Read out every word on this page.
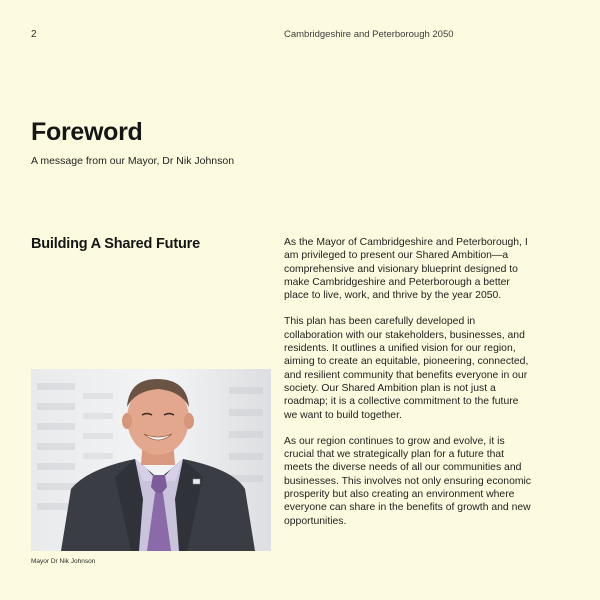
2	Cambridgeshire and Peterborough 2050
Foreword

A message from our Mayor, Dr Nik Johnson

Building A Shared Future	As the Mayor of Cambridgeshire and Peterborough, I am privileged to present our Shared Ambition—a comprehensive and visionary blueprint designed to make Cambridgeshire and Peterborough a better place to live, work, and thrive by the year 2050.

This plan has been carefully developed in collaboration with our stakeholders, businesses, and residents. It outlines a unified vision for our region, aiming to create an equitable, pioneering, connected, and resilient community that benefits everyone in our society. Our Shared Ambition plan is not just a roadmap; it is a collective commitment to the future we want to build together.

As our region continues to grow and evolve, it is crucial that we strategically plan for a future that meets the diverse needs of all our communities and businesses. This involves not only ensuring economic prosperity but also creating an environment where everyone can share in the benefits of growth and new opportunities.

Mayor Dr Nik Johnson
